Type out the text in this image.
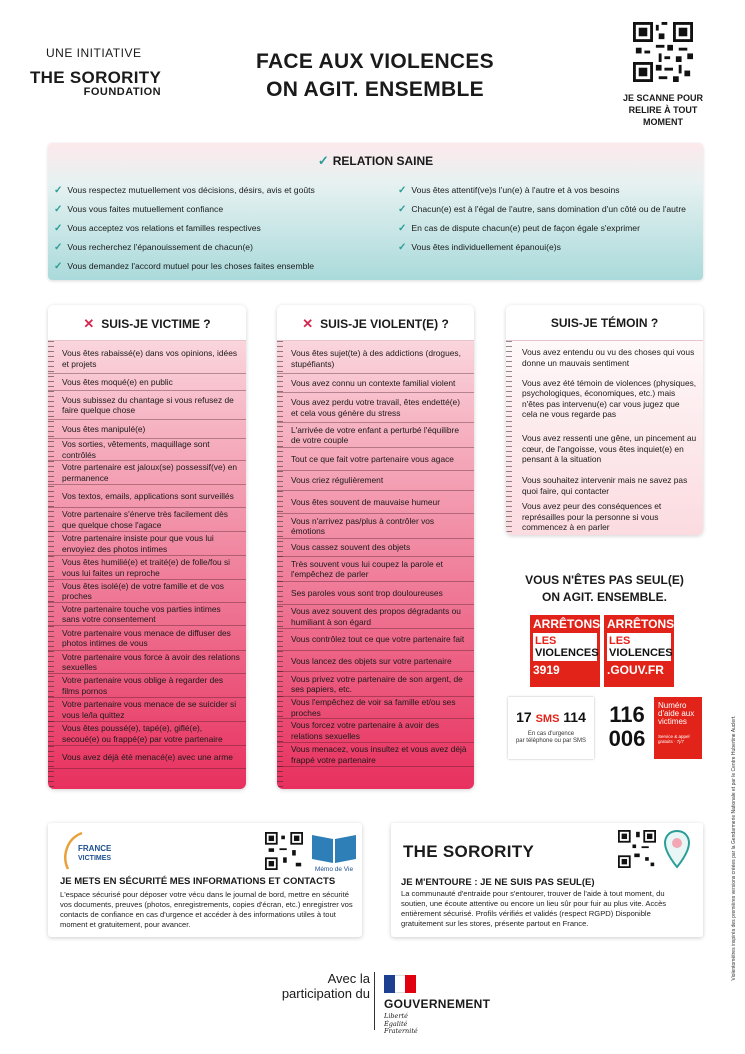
UNE INITIATIVE
THE SORORITY
FOUNDATION
FACE AUX VIOLENCES
ON AGIT. ENSEMBLE	JE SCANNE POUR RELIRE À TOUT MOMENT
✓ RELATION SAINE
✓ Vous respectez mutuellement vos décisions, désirs, avis et goûts
✓ Vous vous faites mutuellement confiance
✓ Vous acceptez vos relations et familles respectives
✓ Vous recherchez l'épanouissement de chacun(e)
✓ Vous demandez l'accord mutuel pour les choses faites ensemble
✓ Vous êtes attentif(ve)s l'un(e) à l'autre et à vos besoins
✓ Chacun(e) est à l'égal de l'autre, sans domination d'un côté ou de l'autre
✓ En cas de dispute chacun(e) peut de façon égale s'exprimer
✓ Vous êtes individuellement épanoui(e)s
✕ SUIS-JE VICTIME ?
Vous êtes rabaissé(e) dans vos opinions, idées et projets
Vous êtes moqué(e) en public
Vous subissez du chantage si vous refusez de faire quelque chose
Vous êtes manipulé(e)
Vos sorties, vêtements, maquillage sont contrôlés
Votre partenaire est jaloux(se) possessif(ve) en permanence
Vos textos, emails, applications sont surveillés
Votre partenaire s'énerve très facilement dès que quelque chose l'agace
Votre partenaire insiste pour que vous lui envoyiez des photos intimes
Vous êtes humilié(e) et traité(e) de folle/fou si vous lui faites un reproche
Vous êtes isolé(e) de votre famille et de vos proches
Votre partenaire touche vos parties intimes sans votre consentement
Votre partenaire vous menace de diffuser des photos intimes de vous
Votre partenaire vous force à avoir des relations sexuelles
Votre partenaire vous oblige à regarder des films pornos
Votre partenaire vous menace de se suicider si vous le/la quittez
Vous êtes poussé(e), tapé(e), giflé(e), secoué(e) ou frappé(e) par votre partenaire
Vous avez déjà été menacé(e) avec une arme
✕ SUIS-JE VIOLENT(E) ?
Vous êtes sujet(te) à des addictions (drogues, stupéfiants)
Vous avez connu un contexte familial violent
Vous avez perdu votre travail, êtes endetté(e) et cela vous génère du stress
L'arrivée de votre enfant a perturbé l'équilibre de votre couple
Tout ce que fait votre partenaire vous agace
Vous criez régulièrement
Vous êtes souvent de mauvaise humeur
Vous n'arrivez pas/plus à contrôler vos émotions
Vous cassez souvent des objets
Très souvent vous lui coupez la parole et l'empêchez de parler
Ses paroles vous sont trop douloureuses
Vous avez souvent des propos dégradants ou humiliant à son égard
Vous contrôlez tout ce que votre partenaire fait
Vous lancez des objets sur votre partenaire
Vous privez votre partenaire de son argent, de ses papiers, etc.
Vous l'empêchez de voir sa famille et/ou ses proches
Vous forcez votre partenaire à avoir des relations sexuelles
Vous menacez, vous insultez et vous avez déjà frappé votre partenaire
SUIS-JE TÉMOIN ?
Vous avez entendu ou vu des choses qui vous donne un mauvais sentiment
Vous avez été témoin de violences (physiques, psychologiques, économiques, etc.) mais n'êtes pas intervenu(e) car vous jugez que cela ne vous regarde pas
Vous avez ressenti une gêne, un pincement au cœur, de l'angoisse, vous êtes inquiet(e) en pensant à la situation
Vous souhaitez intervenir mais ne savez pas quoi faire, qui contacter
Vous avez peur des conséquences et représailles pour la personne si vous commencez à en parler
VOUS N'ÊTES PAS SEUL(E)
ON AGIT. ENSEMBLE.
ARRÊTONS
LES
VIOLENCES
3919
ARRÊTONS
LES
VIOLENCES
.GOUV.FR
17 SMS 114
En cas d'urgence
par téléphone ou par SMS
116
006
Numéro d'aide aux victimes
Service & appel gratuits · 7j/7	Violentomètres inspirés des premières versions créées par la Gendarmerie Nationale et par le Centre Hubertine Auclert.
FRANCE
VICTIMES
JE METS EN SÉCURITÉ MES INFORMATIONS ET CONTACTS
L'espace sécurisé pour déposer votre vécu dans le journal de bord, mettre en sécurité vos documents, preuves (photos, enregistrements, copies d'écran, etc.) enregistrer vos contacts de confiance en cas d'urgence et accéder à des informations utiles à tout moment et gratuitement, pour avancer.
Mémo de Vie
THE SORORITY
JE M'ENTOURE : JE NE SUIS PAS SEUL(E)
La communauté d'entraide pour s'entourer, trouver de l'aide à tout moment, du soutien, une écoute attentive ou encore un lieu sûr pour fuir au plus vite. Accès entièrement sécurisé. Profils vérifiés et validés (respect RGPD) Disponible gratuitement sur les stores, présente partout en France.
Avec la participation du
GOUVERNEMENT
Liberté
Égalité
Fraternité
